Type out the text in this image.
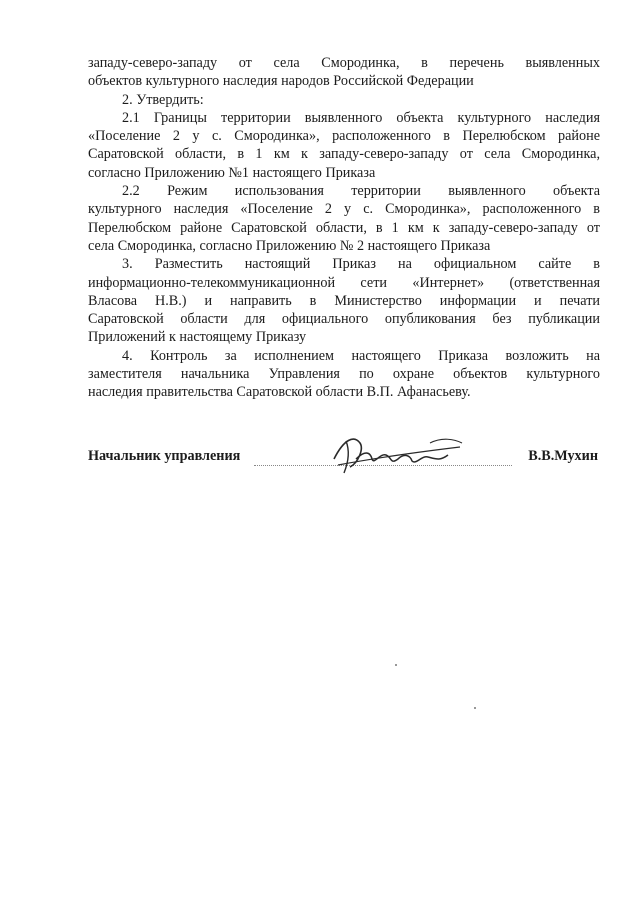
западу-северо-западу от села Смородинка, в перечень выявленных
объектов культурного наследия народов Российской Федерации
2. Утвердить:
2.1 Границы территории выявленного объекта культурного наследия
«Поселение 2 у с. Смородинка», расположенного в Перелюбском районе
Саратовской области, в 1 км к западу-северо-западу от села Смородинка,
согласно Приложению №1 настоящего Приказа
2.2 Режим использования территории выявленного объекта
культурного наследия «Поселение 2 у с. Смородинка», расположенного в
Перелюбском районе Саратовской области, в 1 км к западу-северо-западу от
села Смородинка, согласно Приложению № 2 настоящего Приказа
3. Разместить настоящий Приказ на официальном сайте в
информационно-телекоммуникационной сети «Интернет» (ответственная
Власова Н.В.) и направить в Министерство информации и печати
Саратовской области для официального опубликования без публикации
Приложений к настоящему Приказу
4. Контроль за исполнением настоящего Приказа возложить на
заместителя начальника Управления по охране объектов культурного
наследия правительства Саратовской области В.П. Афанасьеву.
Начальник управления	В.В.Мухин
